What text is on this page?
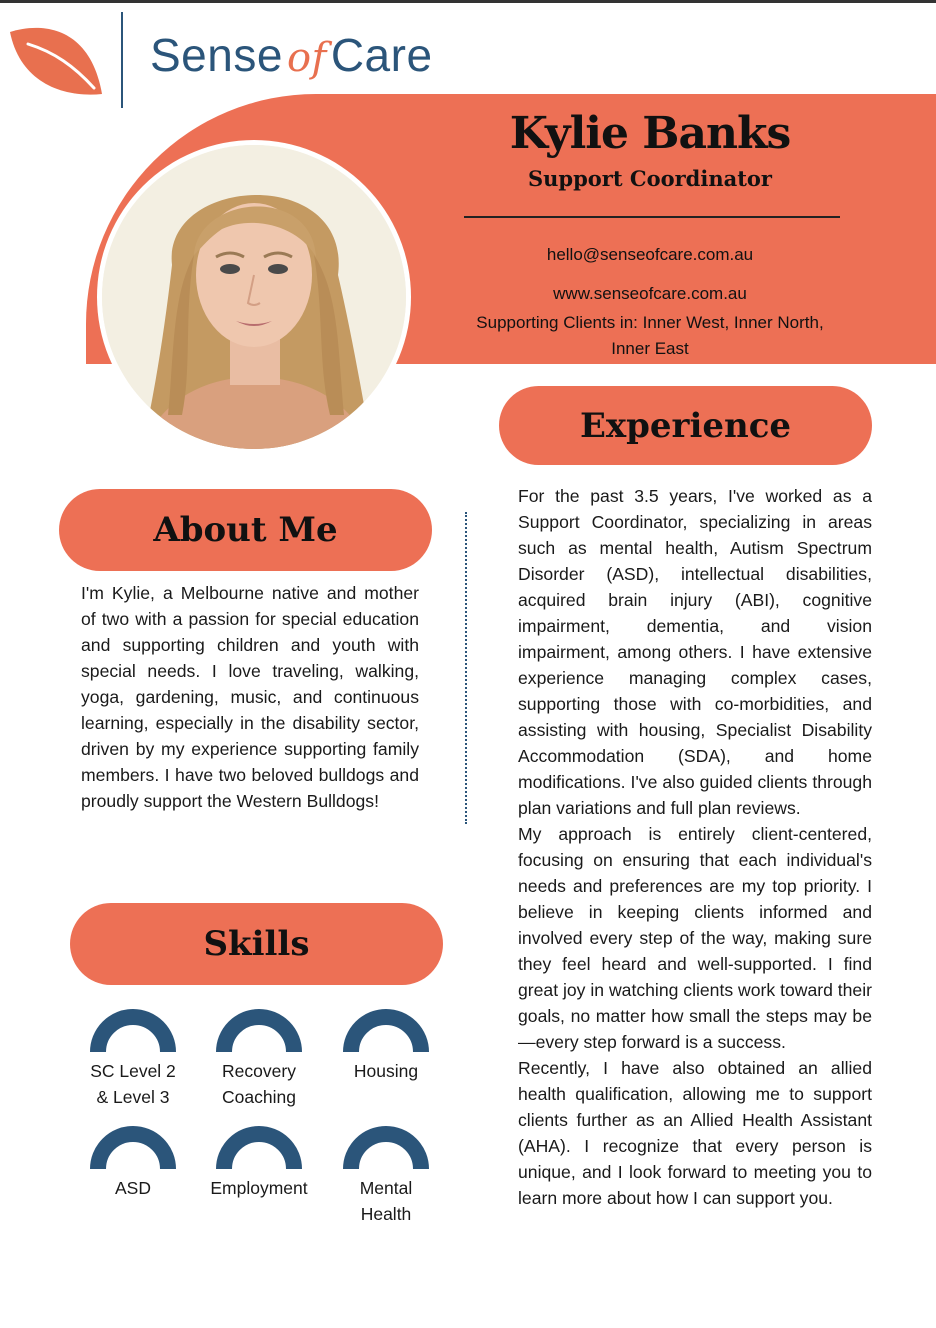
Sense ofCare
Kylie Banks
Support Coordinator
hello@senseofcare.com.au
www.senseofcare.com.au
Supporting Clients in: Inner West, Inner North,
Inner East
Experience

For the past 3.5 years, I've worked as a Support Coordinator, specializing in areas such as mental health, Autism Spectrum Disorder (ASD), intellectual disabilities, acquired brain injury (ABI), cognitive impairment, dementia, and vision impairment, among others. I have extensive experience managing complex cases, supporting those with co-morbidities, and assisting with housing, Specialist Disability Accommodation (SDA), and home modifications. I've also guided clients through plan variations and full plan reviews.

My approach is entirely client-centered, focusing on ensuring that each individual's needs and preferences are my top priority. I believe in keeping clients informed and involved every step of the way, making sure they feel heard and well-supported. I find great joy in watching clients work toward their goals, no matter how small the steps may be—every step forward is a success.

Recently, I have also obtained an allied health qualification, allowing me to support clients further as an Allied Health Assistant (AHA). I recognize that every person is unique, and I look forward to meeting you to learn more about how I can support you.

About Me

I'm Kylie, a Melbourne native and mother of two with a passion for special education and supporting children and youth with special needs. I love traveling, walking, yoga, gardening, music, and continuous learning, especially in the disability sector, driven by my experience supporting family members. I have two beloved bulldogs and proudly support the Western Bulldogs!

Skills
SC Level 2
& Level 3
Recovery
Coaching
Housing
ASD	Employment	Mental
Health
